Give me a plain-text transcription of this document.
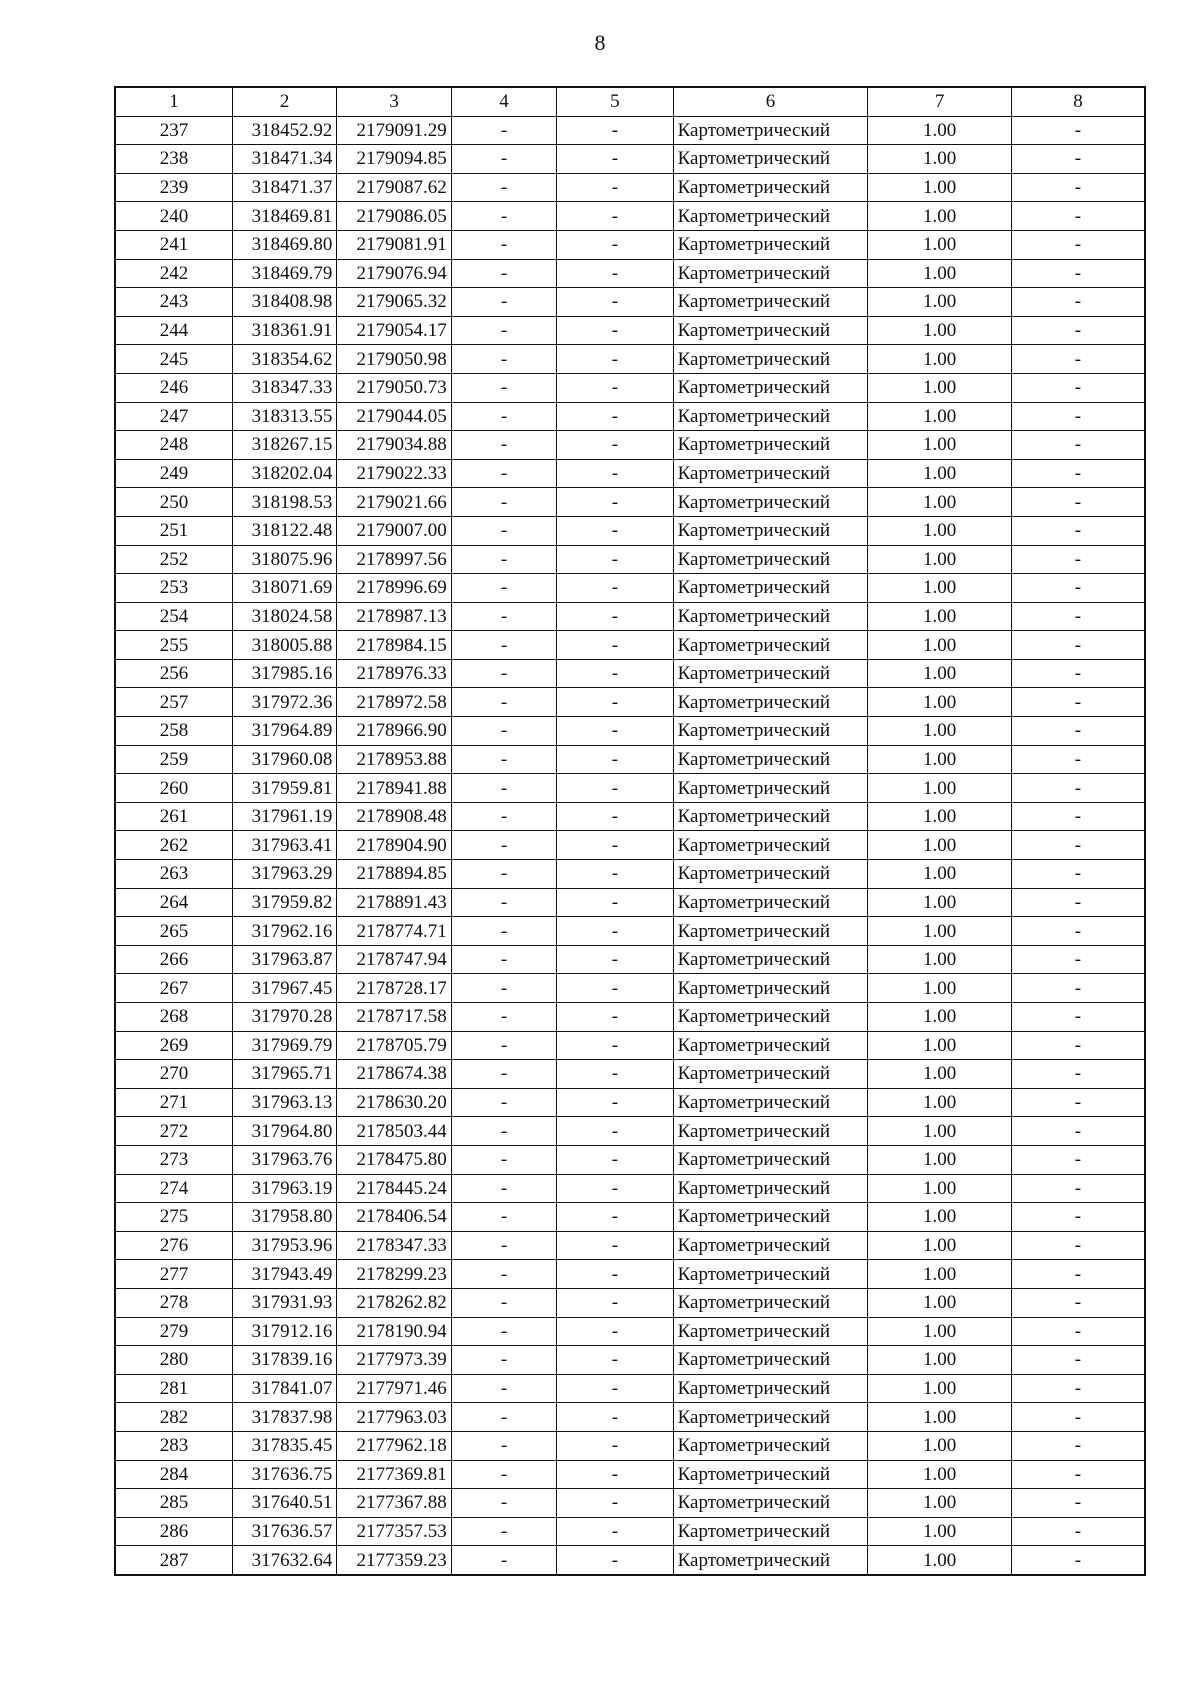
8
1	2	3	4	5	6	7	8
237	318452.92	2179091.29	-	-	Картометрический	1.00	-
238	318471.34	2179094.85	-	-	Картометрический	1.00	-
239	318471.37	2179087.62	-	-	Картометрический	1.00	-
240	318469.81	2179086.05	-	-	Картометрический	1.00	-
241	318469.80	2179081.91	-	-	Картометрический	1.00	-
242	318469.79	2179076.94	-	-	Картометрический	1.00	-
243	318408.98	2179065.32	-	-	Картометрический	1.00	-
244	318361.91	2179054.17	-	-	Картометрический	1.00	-
245	318354.62	2179050.98	-	-	Картометрический	1.00	-
246	318347.33	2179050.73	-	-	Картометрический	1.00	-
247	318313.55	2179044.05	-	-	Картометрический	1.00	-
248	318267.15	2179034.88	-	-	Картометрический	1.00	-
249	318202.04	2179022.33	-	-	Картометрический	1.00	-
250	318198.53	2179021.66	-	-	Картометрический	1.00	-
251	318122.48	2179007.00	-	-	Картометрический	1.00	-
252	318075.96	2178997.56	-	-	Картометрический	1.00	-
253	318071.69	2178996.69	-	-	Картометрический	1.00	-
254	318024.58	2178987.13	-	-	Картометрический	1.00	-
255	318005.88	2178984.15	-	-	Картометрический	1.00	-
256	317985.16	2178976.33	-	-	Картометрический	1.00	-
257	317972.36	2178972.58	-	-	Картометрический	1.00	-
258	317964.89	2178966.90	-	-	Картометрический	1.00	-
259	317960.08	2178953.88	-	-	Картометрический	1.00	-
260	317959.81	2178941.88	-	-	Картометрический	1.00	-
261	317961.19	2178908.48	-	-	Картометрический	1.00	-
262	317963.41	2178904.90	-	-	Картометрический	1.00	-
263	317963.29	2178894.85	-	-	Картометрический	1.00	-
264	317959.82	2178891.43	-	-	Картометрический	1.00	-
265	317962.16	2178774.71	-	-	Картометрический	1.00	-
266	317963.87	2178747.94	-	-	Картометрический	1.00	-
267	317967.45	2178728.17	-	-	Картометрический	1.00	-
268	317970.28	2178717.58	-	-	Картометрический	1.00	-
269	317969.79	2178705.79	-	-	Картометрический	1.00	-
270	317965.71	2178674.38	-	-	Картометрический	1.00	-
271	317963.13	2178630.20	-	-	Картометрический	1.00	-
272	317964.80	2178503.44	-	-	Картометрический	1.00	-
273	317963.76	2178475.80	-	-	Картометрический	1.00	-
274	317963.19	2178445.24	-	-	Картометрический	1.00	-
275	317958.80	2178406.54	-	-	Картометрический	1.00	-
276	317953.96	2178347.33	-	-	Картометрический	1.00	-
277	317943.49	2178299.23	-	-	Картометрический	1.00	-
278	317931.93	2178262.82	-	-	Картометрический	1.00	-
279	317912.16	2178190.94	-	-	Картометрический	1.00	-
280	317839.16	2177973.39	-	-	Картометрический	1.00	-
281	317841.07	2177971.46	-	-	Картометрический	1.00	-
282	317837.98	2177963.03	-	-	Картометрический	1.00	-
283	317835.45	2177962.18	-	-	Картометрический	1.00	-
284	317636.75	2177369.81	-	-	Картометрический	1.00	-
285	317640.51	2177367.88	-	-	Картометрический	1.00	-
286	317636.57	2177357.53	-	-	Картометрический	1.00	-
287	317632.64	2177359.23	-	-	Картометрический	1.00	-
